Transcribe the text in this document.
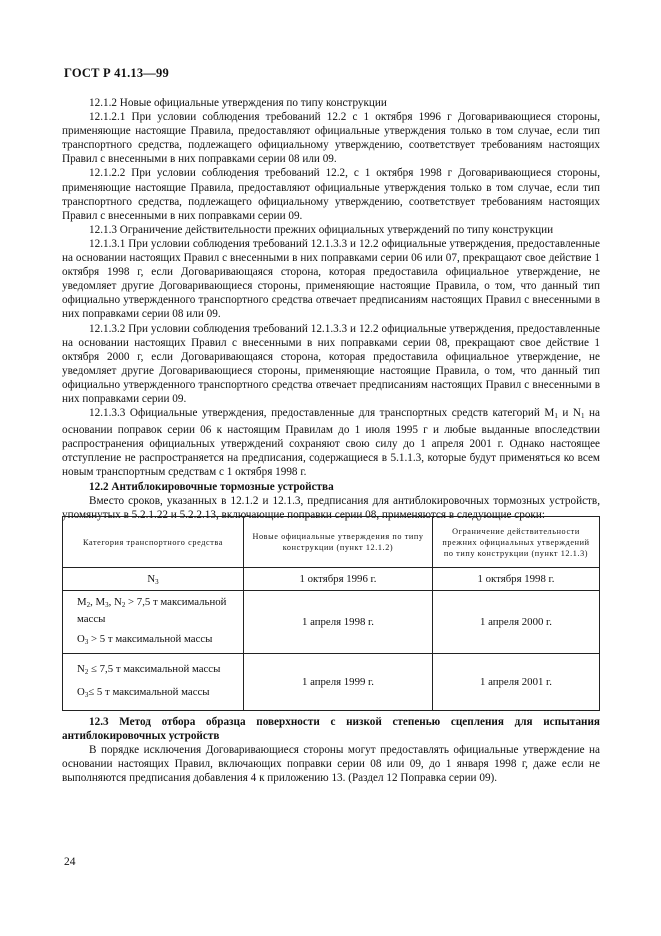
ГОСТ Р 41.13—99

12.1.2 Новые официальные утверждения по типу конструкции

12.1.2.1 При условии соблюдения требований 12.2 с 1 октября 1996 г Договаривающиеся стороны, применяющие настоящие Правила, предоставляют официальные утверждения только в том случае, если тип транспортного средства, подлежащего официальному утверждению, соответствует требованиям настоящих Правил с внесенными в них поправками серии 08 или 09.

12.1.2.2 При условии соблюдения требований 12.2, с 1 октября 1998 г Договаривающиеся стороны, применяющие настоящие Правила, предоставляют официальные утверждения только в том случае, если тип транспортного средства, подлежащего официальному утверждению, соответствует требованиям настоящих Правил с внесенными в них поправками серии 09.

12.1.3 Ограничение действительности прежних официальных утверждений по типу конструкции

12.1.3.1 При условии соблюдения требований 12.1.3.3 и 12.2 официальные утверждения, предоставленные на основании настоящих Правил с внесенными в них поправками серии 06 или 07, прекращают свое действие 1 октября 1998 г, если Договаривающаяся сторона, которая предоставила официальное утверждение, не уведомляет другие Договаривающиеся стороны, применяющие настоящие Правила, о том, что данный тип официально утвержденного транспортного средства отвечает предписаниям настоящих Правил с внесенными в них поправками серии 08 или 09.

12.1.3.2 При условии соблюдения требований 12.1.3.3 и 12.2 официальные утверждения, предоставленные на основании настоящих Правил с внесенными в них поправками серии 08, прекращают свое действие 1 октября 2000 г, если Договаривающаяся сторона, которая предоставила официальное утверждение, не уведомляет другие Договаривающиеся стороны, применяющие настоящие Правила, о том, что данный тип официально утвержденного транспортного средства отвечает предписаниям настоящих Правил с внесенными в них поправками серии 09.

12.1.3.3 Официальные утверждения, предоставленные для транспортных средств категорий $M_1$ и $N_1$ на основании поправок серии 06 к настоящим Правилам до 1 июля 1995 г и любые выданные впоследствии распространения официальных утверждений сохраняют свою силу до 1 апреля 2001 г. Однако настоящее отступление не распространяется на предписания, содержащиеся в 5.1.1.3, которые будут применяться ко всем новым транспортным средствам с 1 октября 1998 г.

12.2 Антиблокировочные тормозные устройства

Вместо сроков, указанных в 12.1.2 и 12.1.3, предписания для антиблокировочных тормозных устройств, упомянутых в 5.2.1.22 и 5.2.2.13, включающие поправки серии 08, применяются в следующие сроки:

Категория транспортного средства	Новые официальные утверждения по типу конструкции (пункт 12.1.2)	Ограничение действительности прежних официальных утверждений по типу конструкции (пункт 12.1.3)
$N_3$	1 октября 1996 г.	1 октября 1998 г.
$M_2$, $M_3$, $N_2 > 7,5$ т максимальной массы
$O_3 > 5$ т максимальной массы	1 апреля 1998 г.	1 апреля 2000 г.
$N_2 \le 7,5$ т максимальной массы
$O_3\le 5$ т максимальной массы	1 апреля 1999 г.	1 апреля 2001 г.

12.3 Метод отбора образца поверхности с низкой степенью сцепления для испытания антиблокировочных устройств

В порядке исключения Договаривающиеся стороны могут предоставлять официальные утверждение на основании настоящих Правил, включающих поправки серии 08 или 09, до 1 января 1998 г, даже если не выполняются предписания добавления 4 к приложению 13. (Раздел 12 Поправка серии 09).

24
